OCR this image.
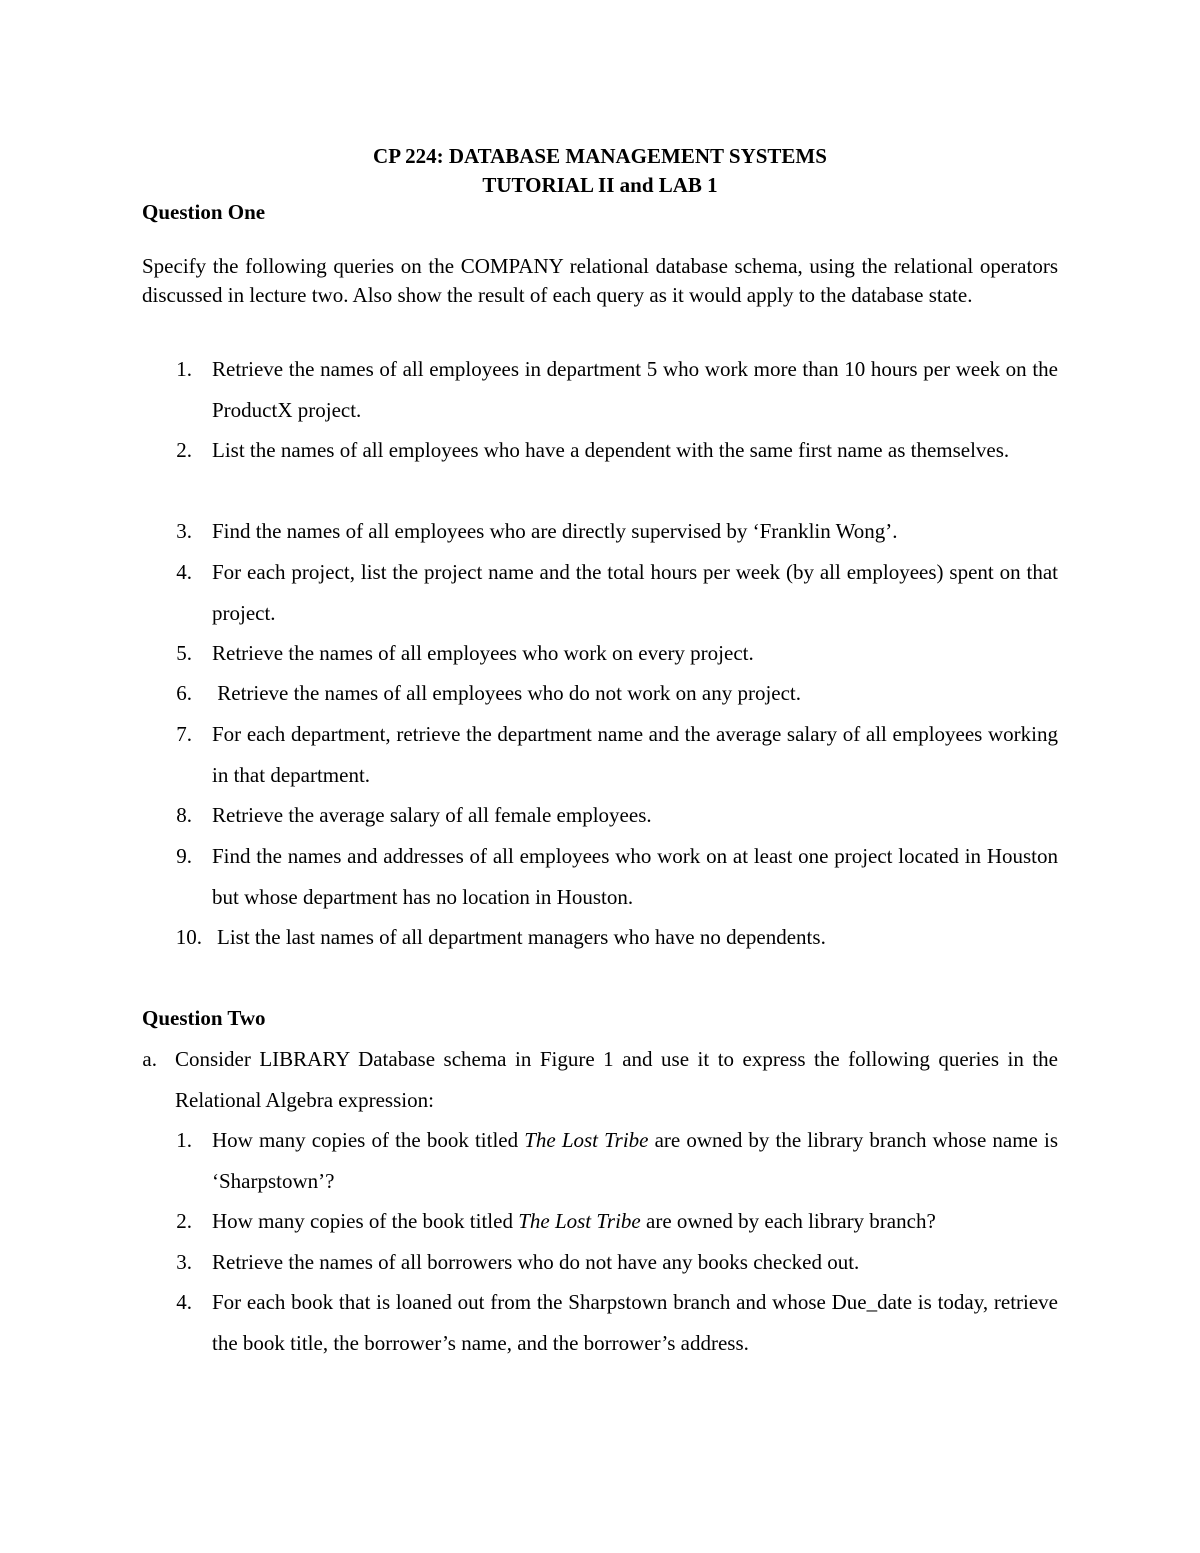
CP 224: DATABASE MANAGEMENT SYSTEMS
TUTORIAL II and LAB 1
Question One
Specify the following queries on the COMPANY relational database schema, using the relational operators discussed in lecture two. Also show the result of each query as it would apply to the database state.
1. Retrieve the names of all employees in department 5 who work more than 10 hours per week on the ProductX project.
2. List the names of all employees who have a dependent with the same first name as themselves.
3. Find the names of all employees who are directly supervised by ‘Franklin Wong’.
4. For each project, list the project name and the total hours per week (by all employees) spent on that project.
5. Retrieve the names of all employees who work on every project.
6. Retrieve the names of all employees who do not work on any project.
7. For each department, retrieve the department name and the average salary of all employees working in that department.
8. Retrieve the average salary of all female employees.
9. Find the names and addresses of all employees who work on at least one project located in Houston but whose department has no location in Houston.
10. List the last names of all department managers who have no dependents.
Question Two
a. Consider LIBRARY Database schema in Figure 1 and use it to express the following queries in the Relational Algebra expression:
1. How many copies of the book titled The Lost Tribe are owned by the library branch whose name is ‘Sharpstown’?
2. How many copies of the book titled The Lost Tribe are owned by each library branch?
3. Retrieve the names of all borrowers who do not have any books checked out.
4. For each book that is loaned out from the Sharpstown branch and whose Due_date is today, retrieve the book title, the borrower’s name, and the borrower’s address.
